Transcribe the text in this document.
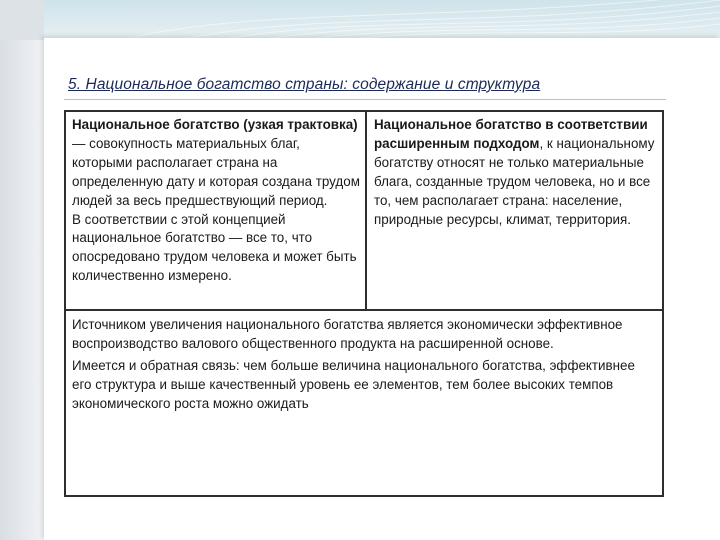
5. Национальное богатство страны: содержание и структура
Национальное богатство (узкая трактовка) — совокупность материальных благ, которыми располагает страна на определенную дату и которая создана трудом людей за весь предшествующий период.
В соответствии с этой концепцией национальное богатство — все то, что опосредовано трудом человека и может быть количественно измерено.
Национальное богатство в соответствии расширенным подходом, к национальному богатству относят не только материальные блага, созданные трудом человека, но и все то, чем располагает страна: население, природные ресурсы, климат, территория.
Источником увеличения национального богатства является экономически эффективное воспроизводство валового общественного продукта на расширенной основе.
Имеется и обратная связь: чем больше величина национального богатства, эффективнее его структура и выше качественный уровень ее элементов, тем более высоких темпов экономического роста можно ожидать
